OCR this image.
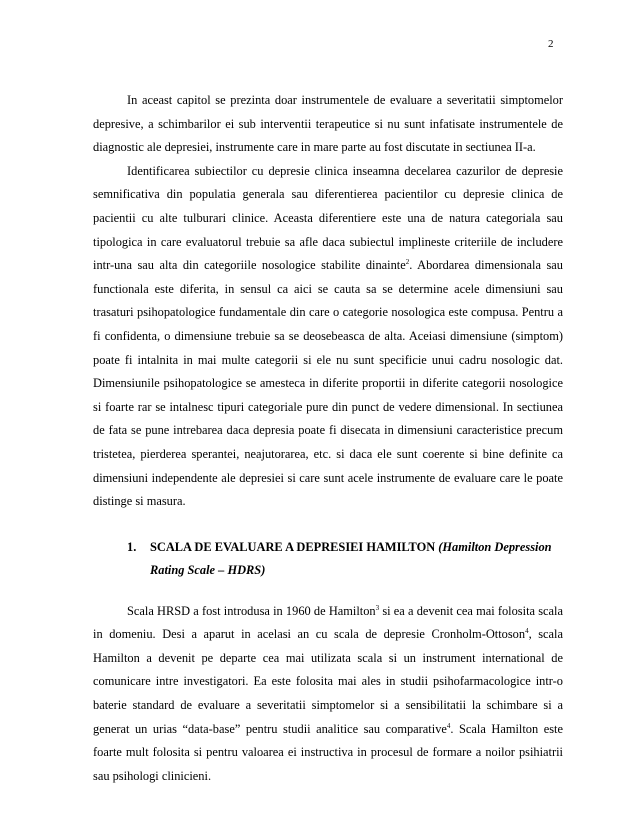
2

In aceast capitol se prezinta doar instrumentele de evaluare a severitatii simptomelor depresive, a schimbarilor ei sub interventii terapeutice si nu sunt infatisate instrumentele de diagnostic ale depresiei, instrumente care in mare parte au fost discutate in sectiunea II-a.

Identificarea subiectilor cu depresie clinica inseamna decelarea cazurilor de depresie semnificativa din populatia generala sau diferentierea pacientilor cu depresie clinica de pacientii cu alte tulburari clinice. Aceasta diferentiere este una de natura categoriala sau tipologica in care evaluatorul trebuie sa afle daca subiectul implineste criteriile de includere intr-una sau alta din categoriile nosologice stabilite dinainte$^2$. Abordarea dimensionala sau functionala este diferita, in sensul ca aici se cauta sa se determine acele dimensiuni sau trasaturi psihopatologice fundamentale din care o categorie nosologica este compusa. Pentru a fi confidenta, o dimensiune trebuie sa se deosebeasca de alta. Aceiasi dimensiune (simptom) poate fi intalnita in mai multe categorii si ele nu sunt specificie unui cadru nosologic dat. Dimensiunile psihopatologice se amesteca in diferite proportii in diferite categorii nosologice si foarte rar se intalnesc tipuri categoriale pure din punct de vedere dimensional. In sectiunea de fata se pune intrebarea daca depresia poate fi disecata in dimensiuni caracteristice precum tristetea, pierderea sperantei, neajutorarea, etc. si daca ele sunt coerente si bine definite ca dimensiuni independente ale depresiei si care sunt acele instrumente de evaluare care le poate distinge si masura.

1.	SCALA DE EVALUARE A DEPRESIEI HAMILTON (Hamilton Depression Rating Scale – HDRS)

Scala HRSD a fost introdusa in 1960 de Hamilton$^3$ si ea a devenit cea mai folosita scala in domeniu. Desi a aparut in acelasi an cu scala de depresie Cronholm-Ottoson$^4$, scala Hamilton a devenit pe departe cea mai utilizata scala si un instrument international de comunicare intre investigatori. Ea este folosita mai ales in studii psihofarmacologice intr-o baterie standard de evaluare a severitatii simptomelor si a sensibilitatii la schimbare si a generat un urias “data-base” pentru studii analitice sau comparative$^4$. Scala Hamilton este foarte mult folosita si pentru valoarea ei instructiva in procesul de formare a noilor psihiatrii sau psihologi clinicieni.
